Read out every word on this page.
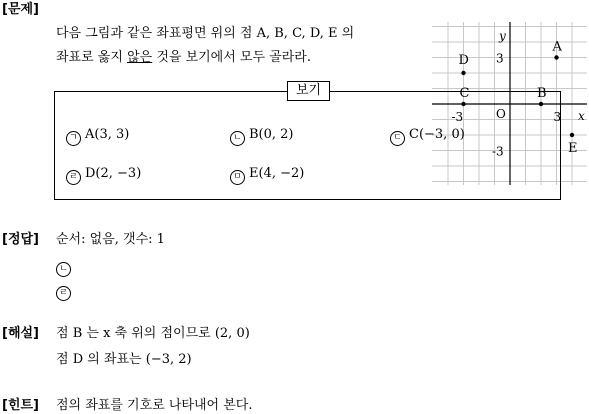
[문제]
다음 그림과 같은 좌표평면 위의 점 A, B, C, D, E 의
좌표로 옳지 않은 것을 보기에서 모두 골라라.
x
y
O
3
-3	3
-3
A
B
C
D
E
보기
ㄱ A(3, 3)	ㄴ B(0, 2)	ㄷ C(−3, 0)
ㄹ D(2, −3)	ㅁ E(4, −2)
[정답] 순서: 없음, 갯수: 1
ㄴ
ㄹ
[해설] 점 B 는 x 축 위의 점이므로 (2, 0)
점 D 의 좌표는 (−3, 2)
[힌트] 점의 좌표를 기호로 나타내어 본다.
